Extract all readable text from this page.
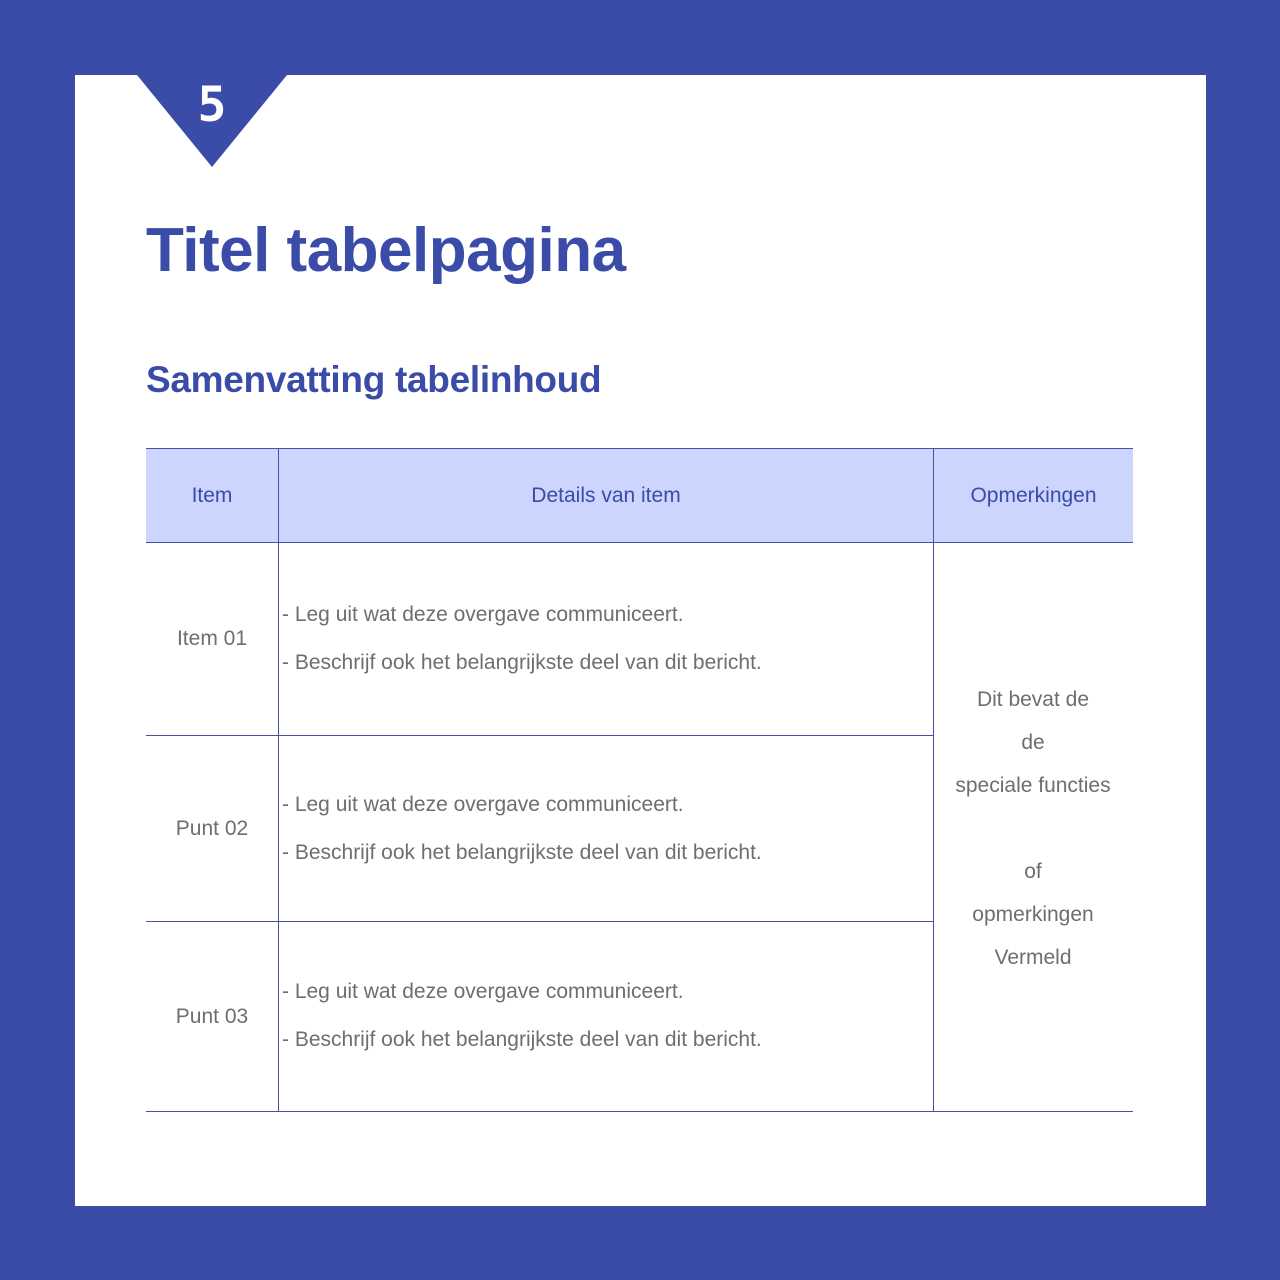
5
Titel tabelpagina
Samenvatting tabelinhoud
Item	Details van item	Opmerkingen
Item 01
- Leg uit wat deze overgave communiceert.
- Beschrijf ook het belangrijkste deel van dit bericht.
Punt 02
- Leg uit wat deze overgave communiceert.
- Beschrijf ook het belangrijkste deel van dit bericht.
Punt 03
- Leg uit wat deze overgave communiceert.
- Beschrijf ook het belangrijkste deel van dit bericht.
Dit bevat de
de
speciale functies
of
opmerkingen
Vermeld
